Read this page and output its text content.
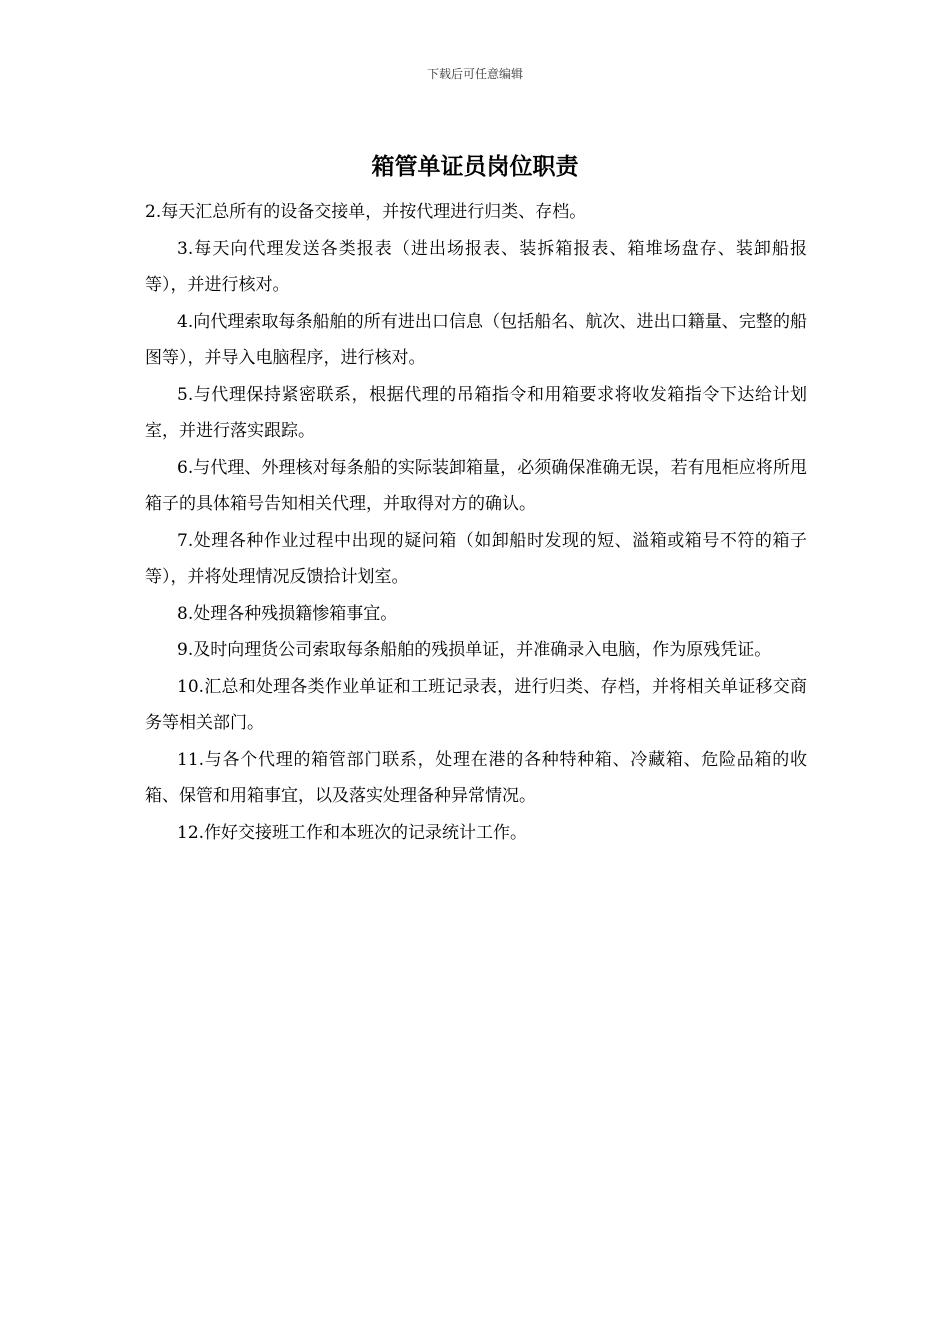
下载后可任意编辑
箱管单证员岗位职责

2.每天汇总所有的设备交接单，并按代理进行归类、存档。

3.每天向代理发送各类报表（进出场报表、装拆箱报表、箱堆场盘存、装卸船报等），并进行核对。

4.向代理索取每条船舶的所有进出口信息（包括船名、航次、进出口籍量、完整的船图等），并导入电脑程序，进行核对。

5.与代理保持紧密联系，根据代理的吊箱指令和用箱要求将收发箱指令下达给计划室，并进行落实跟踪。

6.与代理、外理核对每条船的实际装卸箱量，必须确保准确无误，若有甩柜应将所甩箱子的具体箱号告知相关代理，并取得对方的确认。

7.处理各种作业过程中出现的疑问箱（如卸船时发现的短、溢箱或箱号不符的箱子等），并将处理情况反馈拾计划室。

8.处理各种残损籍惨箱事宜。

9.及时向理货公司索取每条船舶的残损单证，并准确录入电脑，作为原残凭证。

10.汇总和处理各类作业单证和工班记录表，进行归类、存档，并将相关单证移交商务等相关部门。

11.与各个代理的箱管部门联系，处理在港的各种特种箱、冷藏箱、危险品箱的收箱、保管和用箱事宜，以及落实处理备种异常情况。

12.作好交接班工作和本班次的记录统计工作。
